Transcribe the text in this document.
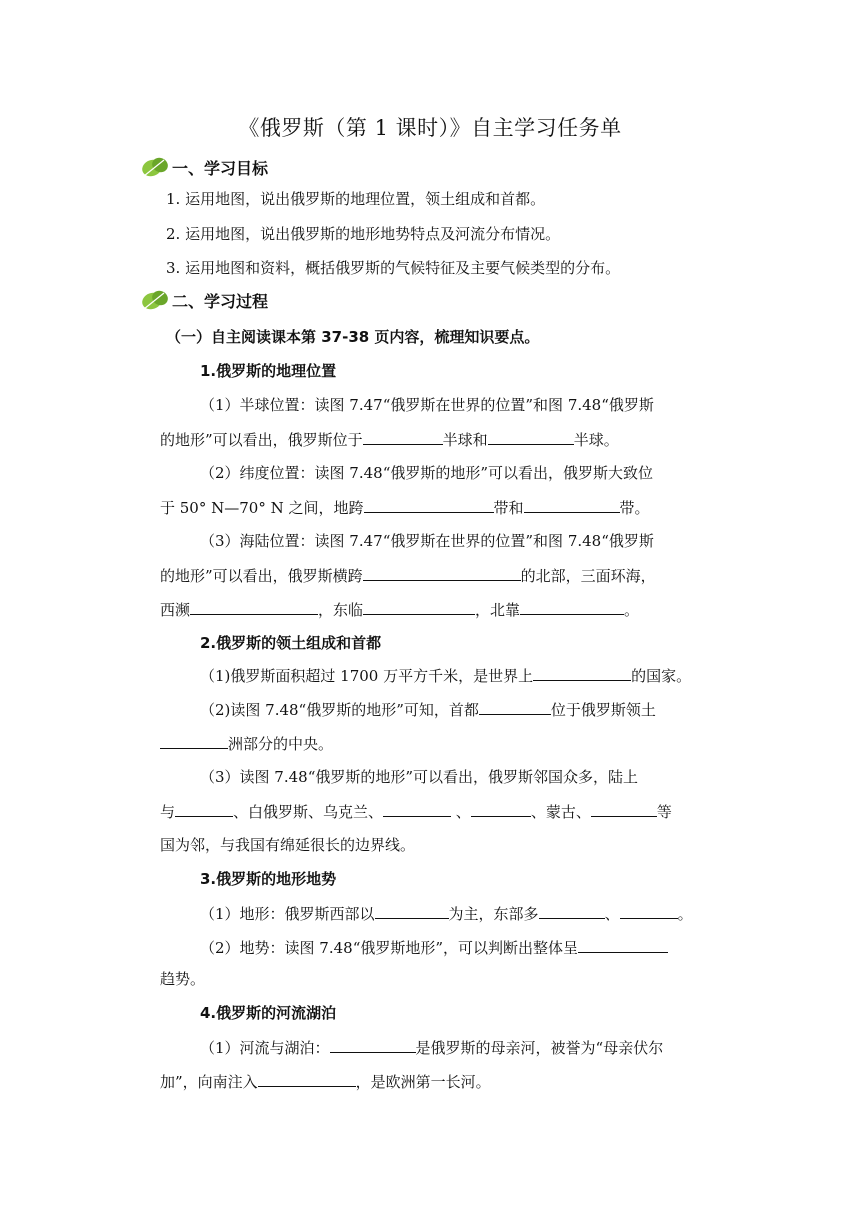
《俄罗斯（第 1 课时）》自主学习任务单
一、学习目标
1. 运用地图，说出俄罗斯的地理位置，领土组成和首都。
2. 运用地图，说出俄罗斯的地形地势特点及河流分布情况。
3. 运用地图和资料，概括俄罗斯的气候特征及主要气候类型的分布。
二、学习过程
（一）自主阅读课本第 37-38 页内容，梳理知识要点。
1.俄罗斯的地理位置
（1）半球位置：读图 7.47“俄罗斯在世界的位置”和图 7.48“俄罗斯
的地形”可以看出，俄罗斯位于	半球和	半球。
（2）纬度位置：读图 7.48“俄罗斯的地形”可以看出，俄罗斯大致位
于 50° N—70° N 之间，地跨	带和	带。
（3）海陆位置：读图 7.47“俄罗斯在世界的位置”和图 7.48“俄罗斯
的地形”可以看出，俄罗斯横跨	的北部，三面环海，
西濒	，东临	，北靠	。
2.俄罗斯的领土组成和首都
（1)俄罗斯面积超过 1700 万平方千米，是世界上	的国家。
（2)读图 7.48“俄罗斯的地形”可知，首都	位于俄罗斯领土
洲部分的中央。
（3）读图 7.48“俄罗斯的地形”可以看出，俄罗斯邻国众多，陆上
与	、白俄罗斯、乌克兰、	、	、蒙古、	等
国为邻，与我国有绵延很长的边界线。
3.俄罗斯的地形地势
（1）地形：俄罗斯西部以	为主，东部多	、	。
（2）地势：读图 7.48“俄罗斯地形”，可以判断出整体呈
趋势。
4.俄罗斯的河流湖泊
（1）河流与湖泊：	是俄罗斯的母亲河，被誉为“母亲伏尔
加”，向南注入	，是欧洲第一长河。
